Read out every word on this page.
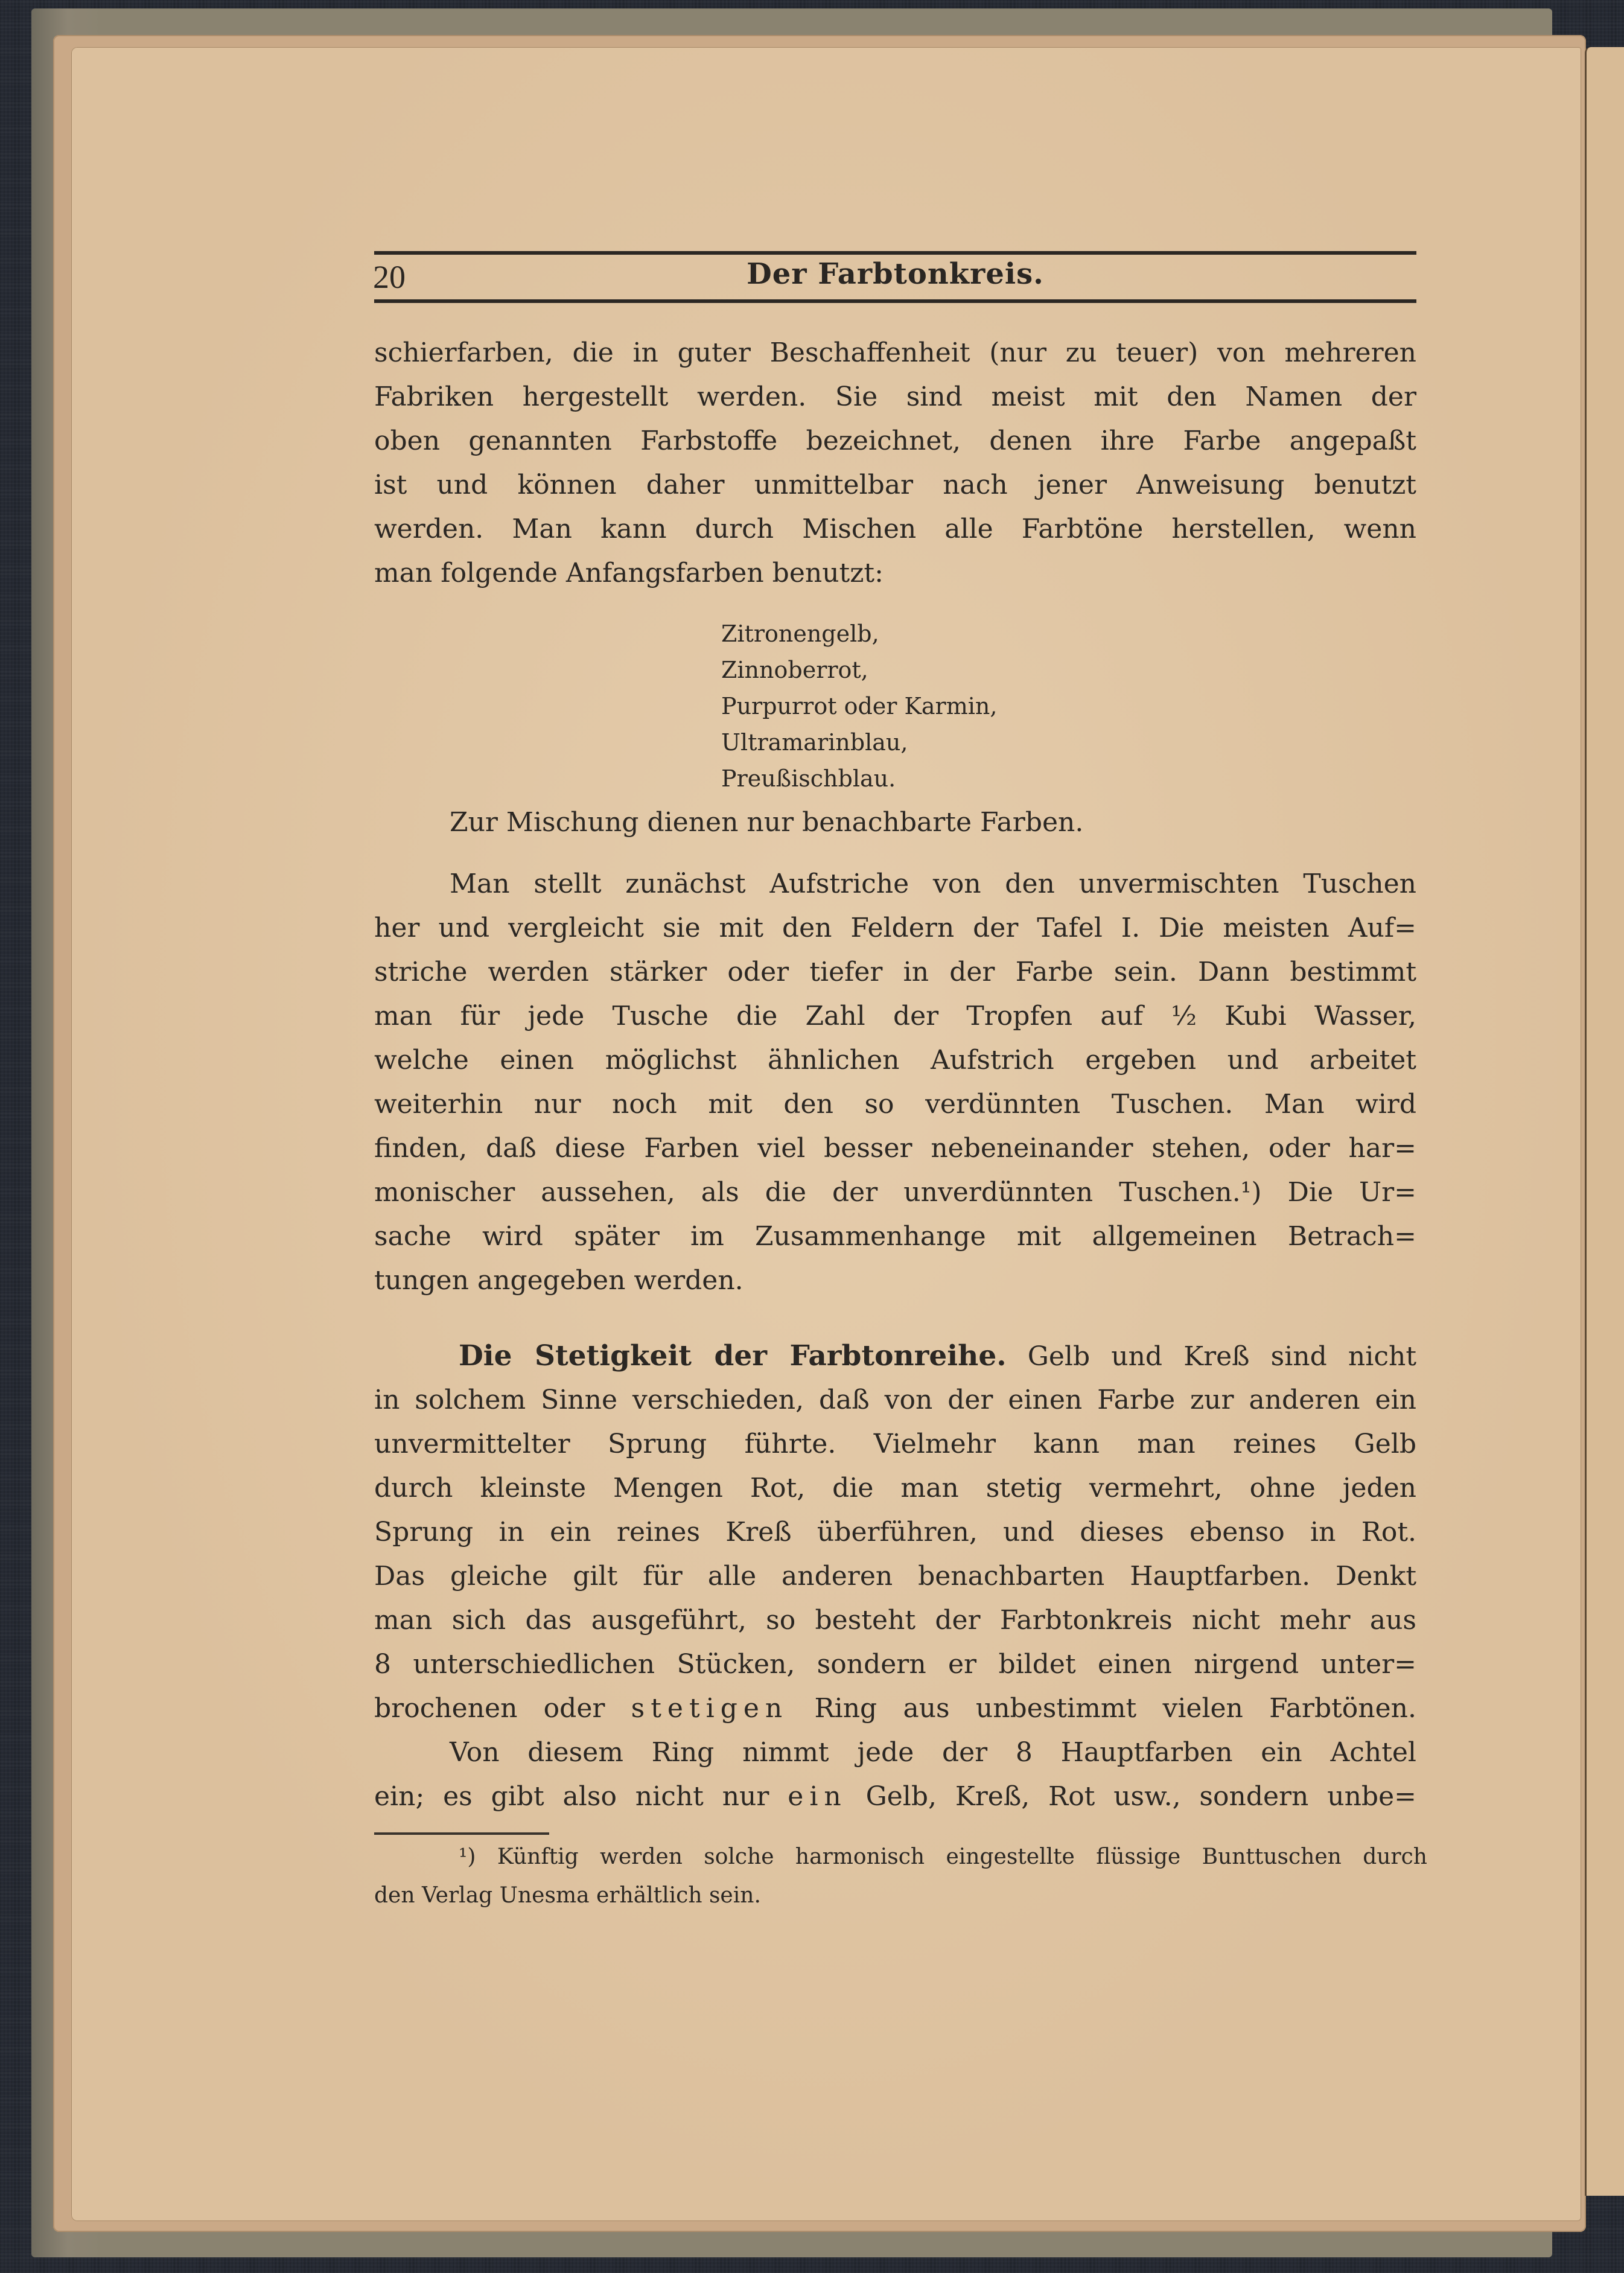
20	Der Farbtonkreis.
schierfarben, die in guter Beschaffenheit (nur zu teuer) von mehreren
Fabriken hergestellt werden. Sie sind meist mit den Namen der
oben genannten Farbstoffe bezeichnet, denen ihre Farbe angepaßt
ist und können daher unmittelbar nach jener Anweisung benutzt
werden. Man kann durch Mischen alle Farbtöne herstellen, wenn
man folgende Anfangsfarben benutzt:
Zitronengelb,
Zinnoberrot,
Purpurrot oder Karmin,
Ultramarinblau,
Preußischblau.
Zur Mischung dienen nur benachbarte Farben.
Man stellt zunächst Aufstriche von den unvermischten Tuschen
her und vergleicht sie mit den Feldern der Tafel I. Die meisten Auf=
striche werden stärker oder tiefer in der Farbe sein. Dann bestimmt
man für jede Tusche die Zahl der Tropfen auf ½ Kubi Wasser,
welche einen möglichst ähnlichen Aufstrich ergeben und arbeitet
weiterhin nur noch mit den so verdünnten Tuschen. Man wird
finden, daß diese Farben viel besser nebeneinander stehen, oder har=
monischer aussehen, als die der unverdünnten Tuschen.¹) Die Ur=
sache wird später im Zusammenhange mit allgemeinen Betrach=
tungen angegeben werden.
Die Stetigkeit der Farbtonreihe. Gelb und Kreß sind nicht
in solchem Sinne verschieden, daß von der einen Farbe zur anderen ein
unvermittelter Sprung führte. Vielmehr kann man reines Gelb
durch kleinste Mengen Rot, die man stetig vermehrt, ohne jeden
Sprung in ein reines Kreß überführen, und dieses ebenso in Rot.
Das gleiche gilt für alle anderen benachbarten Hauptfarben. Denkt
man sich das ausgeführt, so besteht der Farbtonkreis nicht mehr aus
8 unterschiedlichen Stücken, sondern er bildet einen nirgend unter=
brochenen oder stetigen Ring aus unbestimmt vielen Farbtönen.
Von diesem Ring nimmt jede der 8 Hauptfarben ein Achtel
ein; es gibt also nicht nur ein Gelb, Kreß, Rot usw., sondern unbe=
¹) Künftig werden solche harmonisch eingestellte flüssige Bunttuschen durch
den Verlag Unesma erhältlich sein.
